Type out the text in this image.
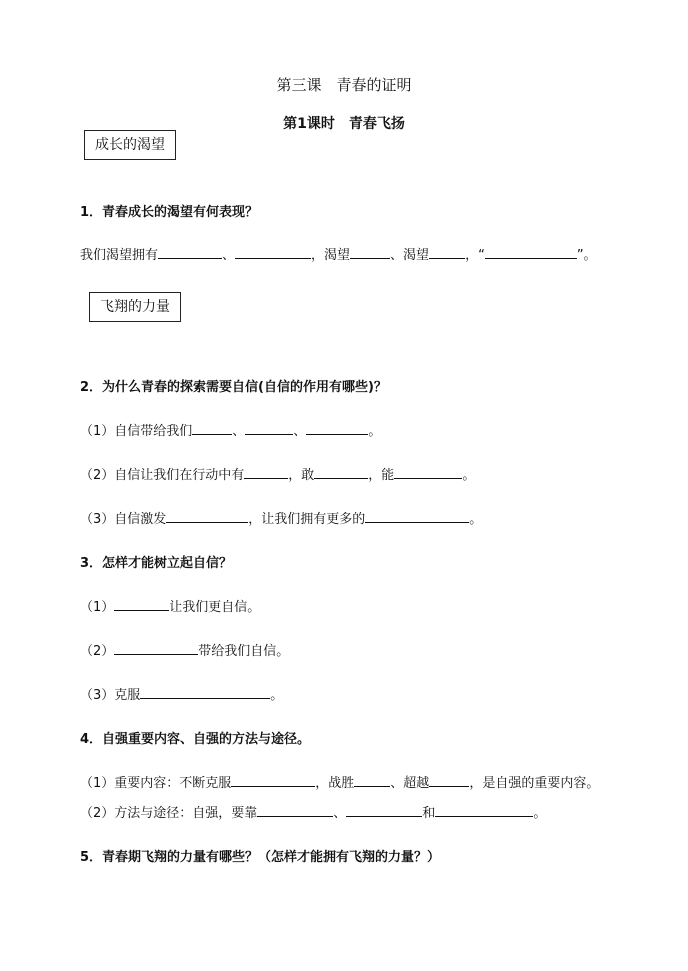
第三课　青春的证明
第1课时　青春飞扬
成长的渴望
1．青春成长的渴望有何表现？
我们渴望拥有	、	，渴望	、渴望	，“	”。
飞翔的力量
2．为什么青春的探索需要自信(自信的作用有哪些)？
（1）自信带给我们	、	、	。
（2）自信让我们在行动中有	，敢	，能	。
（3）自信激发	，让我们拥有更多的	。
3．怎样才能树立起自信？
（1）	让我们更自信。
（2）	带给我们自信。
（3）克服	。
4．自强重要内容、自强的方法与途径。
（1）重要内容：不断克服	，战胜	、超越	，是自强的重要内容。
（2）方法与途径：自强，要靠	、	和	。
5．青春期飞翔的力量有哪些？（怎样才能拥有飞翔的力量？）
